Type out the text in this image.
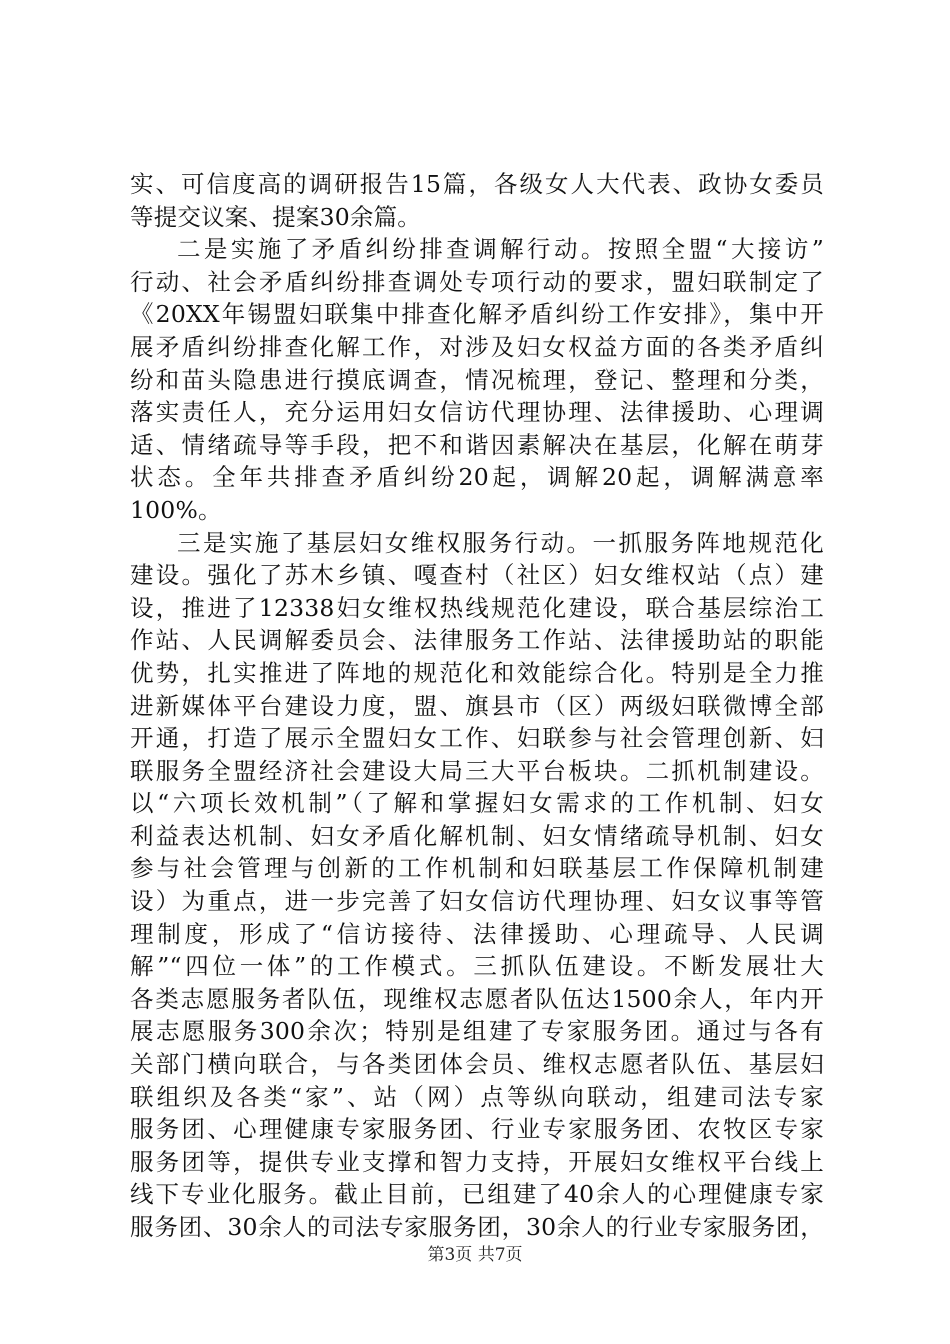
实、可信度高的调研报告15篇，各级女人大代表、政协女委员
等提交议案、提案30余篇。
二是实施了矛盾纠纷排查调解行动。按照全盟“大接访”
行动、社会矛盾纠纷排查调处专项行动的要求，盟妇联制定了
《20XX年锡盟妇联集中排查化解矛盾纠纷工作安排》，集中开
展矛盾纠纷排查化解工作，对涉及妇女权益方面的各类矛盾纠
纷和苗头隐患进行摸底调查，情况梳理，登记、整理和分类，
落实责任人，充分运用妇女信访代理协理、法律援助、心理调
适、情绪疏导等手段，把不和谐因素解决在基层，化解在萌芽
状态。全年共排查矛盾纠纷20起，调解20起，调解满意率
100%。
三是实施了基层妇女维权服务行动。一抓服务阵地规范化
建设。强化了苏木乡镇、嘎查村（社区）妇女维权站（点）建
设，推进了12338妇女维权热线规范化建设，联合基层综治工
作站、人民调解委员会、法律服务工作站、法律援助站的职能
优势，扎实推进了阵地的规范化和效能综合化。特别是全力推
进新媒体平台建设力度，盟、旗县市（区）两级妇联微博全部
开通，打造了展示全盟妇女工作、妇联参与社会管理创新、妇
联服务全盟经济社会建设大局三大平台板块。二抓机制建设。
以“六项长效机制”（了解和掌握妇女需求的工作机制、妇女
利益表达机制、妇女矛盾化解机制、妇女情绪疏导机制、妇女
参与社会管理与创新的工作机制和妇联基层工作保障机制建
设）为重点，进一步完善了妇女信访代理协理、妇女议事等管
理制度，形成了“信访接待、法律援助、心理疏导、人民调
解”“四位一体”的工作模式。三抓队伍建设。不断发展壮大
各类志愿服务者队伍，现维权志愿者队伍达1500余人，年内开
展志愿服务300余次；特别是组建了专家服务团。通过与各有
关部门横向联合，与各类团体会员、维权志愿者队伍、基层妇
联组织及各类“家”、站（网）点等纵向联动，组建司法专家
服务团、心理健康专家服务团、行业专家服务团、农牧区专家
服务团等，提供专业支撑和智力支持，开展妇女维权平台线上
线下专业化服务。截止目前，已组建了40余人的心理健康专家
服务团、30余人的司法专家服务团，30余人的行业专家服务团，
第3页 共7页
